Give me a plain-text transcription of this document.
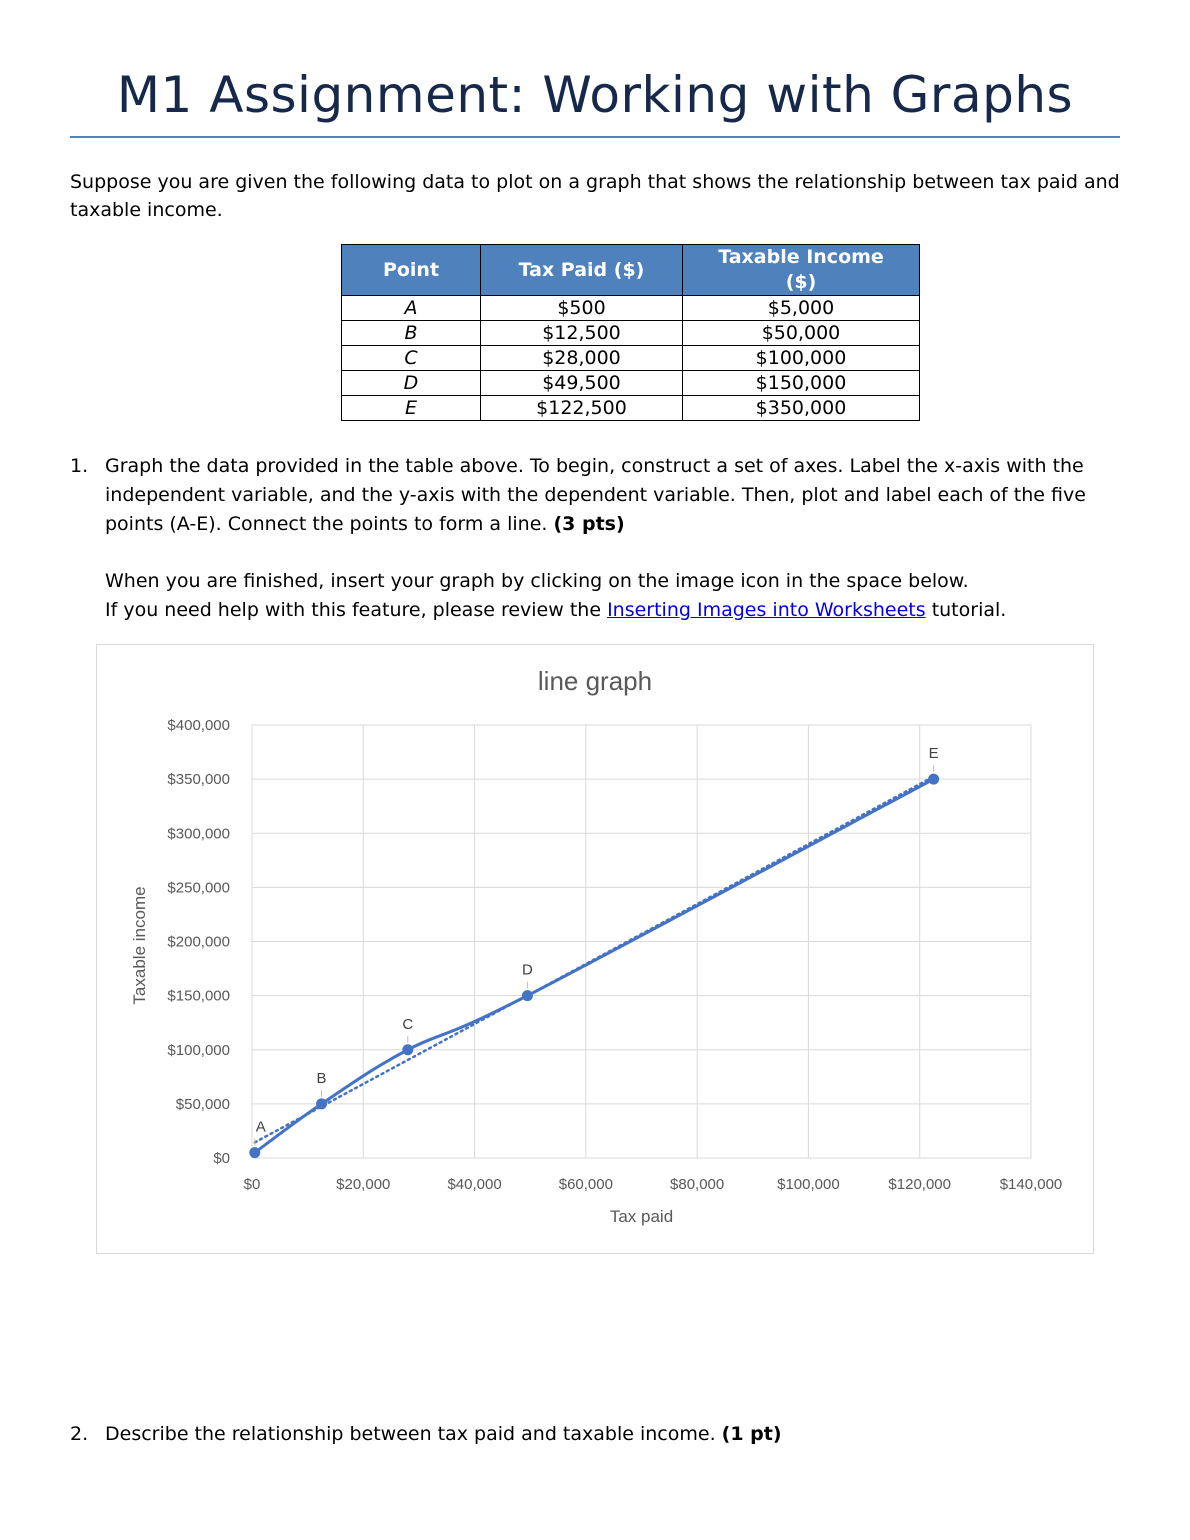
M1 Assignment: Working with Graphs

Suppose you are given the following data to plot on a graph that shows the relationship between tax paid and taxable income.

Point	Tax Paid ($)	Taxable Income ($)
A	$500	$5,000
B	$12,500	$50,000
C	$28,000	$100,000
D	$49,500	$150,000
E	$122,500	$350,000
1. Graph the data provided in the table above. To begin, construct a set of axes. Label the x-axis with the independent variable, and the y-axis with the dependent variable. Then, plot and label each of the five points (A-E). Connect the points to form a line. (3 pts)
When you are finished, insert your graph by clicking on the image icon in the space below.
If you need help with this feature, please review the Inserting Images into Worksheets tutorial.
line graph
$0	$20,000	$40,000	$60,000	$80,000	$100,000	$120,000	$140,000
$0
$50,000
$100,000
$150,000
$200,000
$250,000
$300,000
$350,000
$400,000
Tax paid
Taxable income
A
B
C
D
E
2. Describe the relationship between tax paid and taxable income. (1 pt)
